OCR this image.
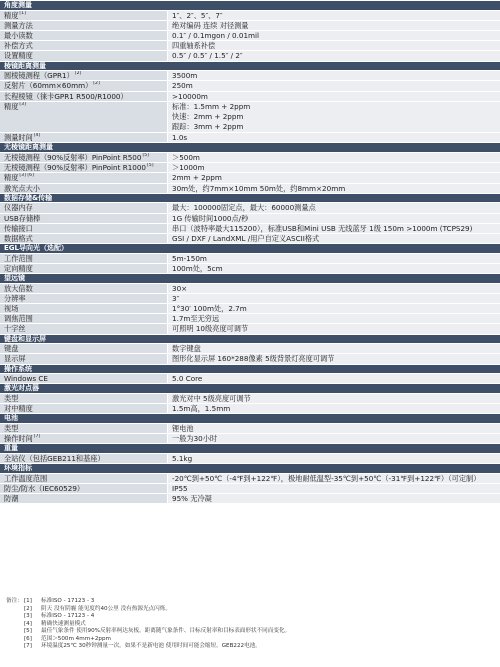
角度测量
精度[1]	1″、2″、5″、7″
测量方法	绝对编码 连续 对径测量
最小读数	0.1″ / 0.1mgon / 0.01mil
补偿方式	四重轴系补偿
设置精度	0.5″ / 0.5″ / 1.5″ / 2″
棱镜距离测量
圆棱镜测程（GPR1）[2]	3500m
反射片（60mm×60mm）[2]	250m
长程棱镜（徕卡GPR1 R500/R1000）	>10000m
精度[3]	标准：1.5mm + 2ppm
快速：2mm + 2ppm
跟踪：3mm + 2ppm
测量时间[4]	1.0s
无棱镜距离测量
无棱镜测程（90%反射率）PinPoint R500[5]	＞500m
无棱镜测程（90%反射率）PinPoint R1000[5]	＞1000m
精度[3] [6]	2mm + 2ppm
激光点大小	30m处，约7mm×10mm 50m处，约8mm×20mm
数据存储&传输
仪器内存	最大：100000固定点，最大：60000测量点
USB存储棒	1G 传输时间1000点/秒
传输接口	串口（波特率最大115200），标准USB和Mini USB 无线蓝牙 1级 150m >1000m (TCPS29)
数据格式	GSI / DXF / LandXML /用户自定义ASCII格式
EGL导向光（选配）
工作范围	5m-150m
定向精度	100m处，5cm
望远镜
放大倍数	30×
分辨率	3″
视场	1°30′ 100m处，2.7m
调焦范围	1.7m至无穷远
十字丝	可照明 10级亮度可调节
键盘和显示屏
键盘	数字键盘
显示屏	图形化显示屏 160*288像素 5级背景灯亮度可调节
操作系统
Windows CE	5.0 Core
激光对点器
类型	激光对中 5级亮度可调节
对中精度	1.5m高，1.5mm
电池
类型	锂电池
操作时间[7]	一般为30小时
重量
全站仪（包括GEB211和基座）	5.1kg
环境指标
工作温度范围	-20℃到+50℃（-4℉到+122℉），极地耐低温型-35℃到+50℃（-31℉到+122℉）（可定制）
防尘/防水（IEC60529）	IP55
防潮	95% 无冷凝
备注： [1]	标准ISO - 17123 - 3
[2]	阴天 没有阴霾 能见度约40公里 没有热源光点闪烁。
[3]	标准ISO - 17123 - 4
[4]	精确快速测量模式
[5]	最佳气象条件 使用90%反射率柯达灰板。距离随气象条件、目标反射率和目标表面形状不同而变化。
[6]	范围＞500m 4mm+2ppm
[7]	环境温度25℃ 30秒钟测量一次。如果不是新电池 使用时间可能会缩短。GEB222电池。
